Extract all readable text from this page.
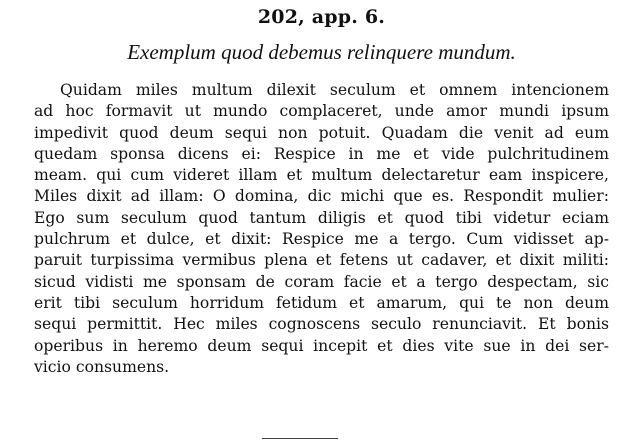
202, app. 6.
Exemplum quod debemus relinquere mundum.
Quidam miles multum dilexit seculum et omnem intencionem
ad hoc formavit ut mundo complaceret, unde amor mundi ipsum
impedivit quod deum sequi non potuit. Quadam die venit ad eum
quedam sponsa dicens ei: Respice in me et vide pulchritudinem
meam. qui cum videret illam et multum delectaretur eam inspicere,
Miles dixit ad illam: O domina, dic michi que es. Respondit mulier:
Ego sum seculum quod tantum diligis et quod tibi videtur eciam
pulchrum et dulce, et dixit: Respice me a tergo. Cum vidisset ap-
paruit turpissima vermibus plena et fetens ut cadaver, et dixit militi:
sicud vidisti me sponsam de coram facie et a tergo despectam, sic
erit tibi seculum horridum fetidum et amarum, qui te non deum
sequi permittit. Hec miles cognoscens seculo renunciavit. Et bonis
operibus in heremo deum sequi incepit et dies vite sue in dei ser-
vicio consumens.
